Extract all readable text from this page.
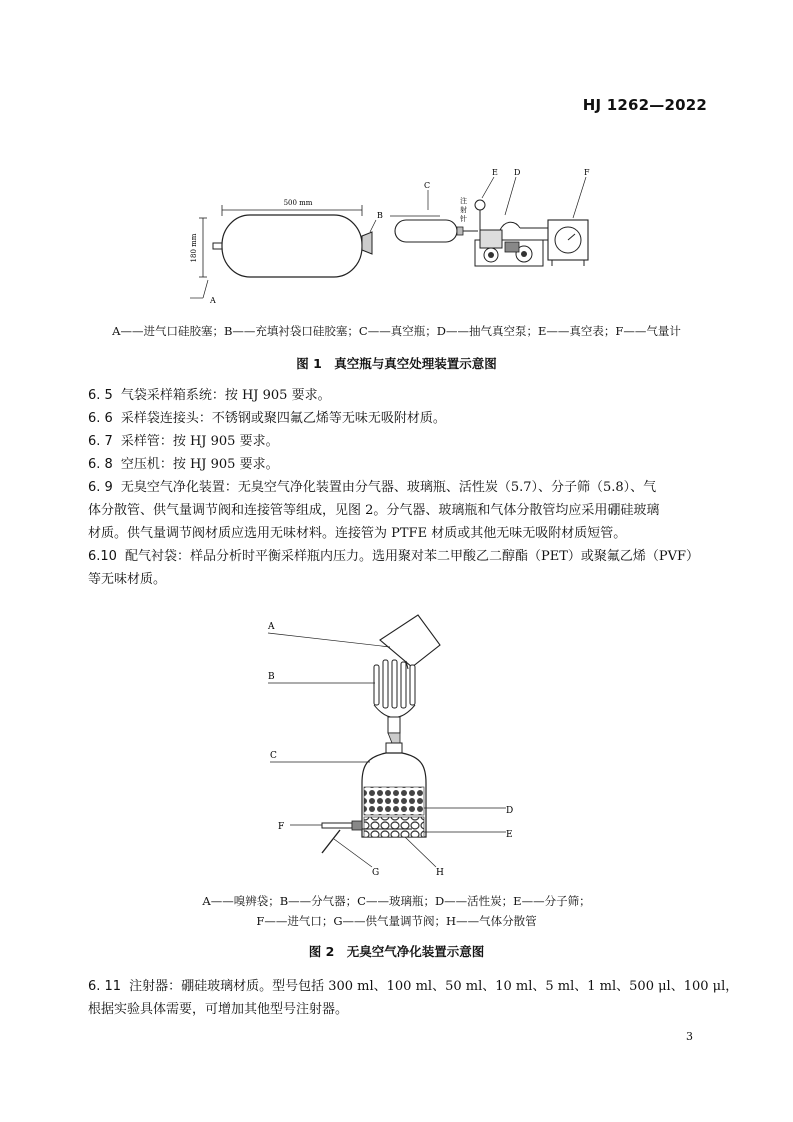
HJ 1262—2022
500 mm
180 mm
A
B
C
注
射
针
E D	F
A——进气口硅胶塞；B——充填衬袋口硅胶塞；C——真空瓶；D——抽气真空泵；E——真空表；F——气量计
图 1　真空瓶与真空处理装置示意图
6. 5 气袋采样箱系统：按 HJ 905 要求。
6. 6 采样袋连接头：不锈钢或聚四氟乙烯等无味无吸附材质。
6. 7 采样管：按 HJ 905 要求。
6. 8 空压机：按 HJ 905 要求。
6. 9 无臭空气净化装置：无臭空气净化装置由分气器、玻璃瓶、活性炭（5.7）、分子筛（5.8）、气
体分散管、供气量调节阀和连接管等组成，见图 2。分气器、玻璃瓶和气体分散管均应采用硼硅玻璃
材质。供气量调节阀材质应选用无味材料。连接管为 PTFE 材质或其他无味无吸附材质短管。
6.10 配气衬袋：样品分析时平衡采样瓶内压力。选用聚对苯二甲酸乙二醇酯（PET）或聚氟乙烯（PVF）
等无味材质。
A
B
C
D
E
F
G	H
A——嗅辨袋；B——分气器；C——玻璃瓶；D——活性炭；E——分子筛；
F——进气口；G——供气量调节阀；H——气体分散管
图 2　无臭空气净化装置示意图
6. 11 注射器：硼硅玻璃材质。型号包括 300 ml、100 ml、50 ml、10 ml、5 ml、1 ml、500 μl、100 μl，
根据实验具体需要，可增加其他型号注射器。
3
